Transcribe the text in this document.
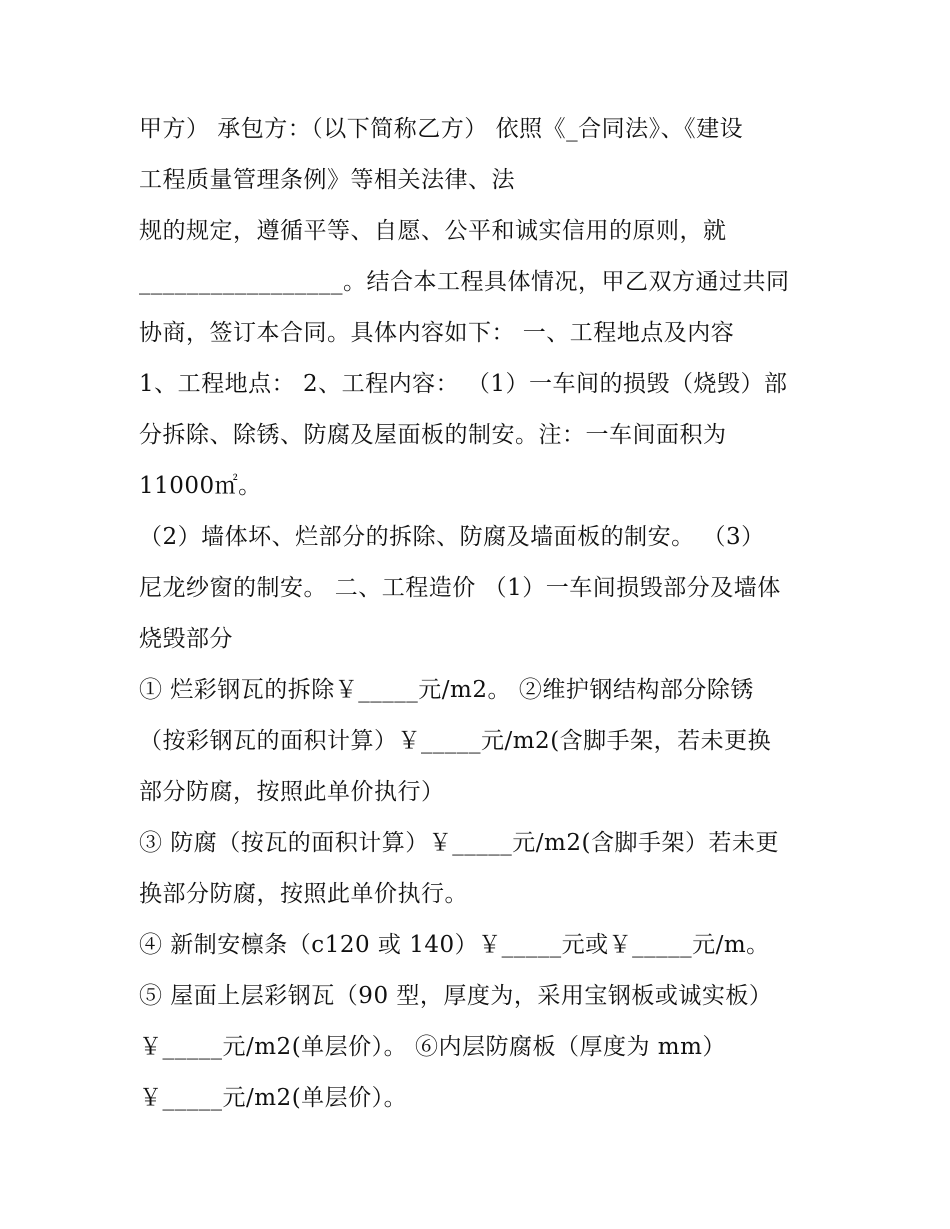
甲方） 承包方：（以下简称乙方） 依照《_合同法》、《建设
工程质量管理条例》等相关法律、法
规的规定，遵循平等、自愿、公平和诚实信用的原则，就
_________________。结合本工程具体情况，甲乙双方通过共同
协商，签订本合同。具体内容如下： 一、工程地点及内容
1、工程地点： 2、工程内容： （1）一车间的损毁（烧毁）部
分拆除、除锈、防腐及屋面板的制安。注：一车间面积为
11000㎡。
（2）墙体坏、烂部分的拆除、防腐及墙面板的制安。 （3）
尼龙纱窗的制安。 二、工程造价 （1）一车间损毁部分及墙体
烧毁部分
① 烂彩钢瓦的拆除￥_____元/m2。 ②维护钢结构部分除锈
（按彩钢瓦的面积计算）￥_____元/m2(含脚手架，若未更换
部分防腐，按照此单价执行）
③ 防腐（按瓦的面积计算）￥_____元/m2(含脚手架）若未更
换部分防腐，按照此单价执行。
④ 新制安檩条（c120 或 140）￥_____元或￥_____元/m。
⑤ 屋面上层彩钢瓦（90 型，厚度为，采用宝钢板或诚实板）
￥_____元/m2(单层价）。 ⑥内层防腐板（厚度为 mm）
￥_____元/m2(单层价）。
